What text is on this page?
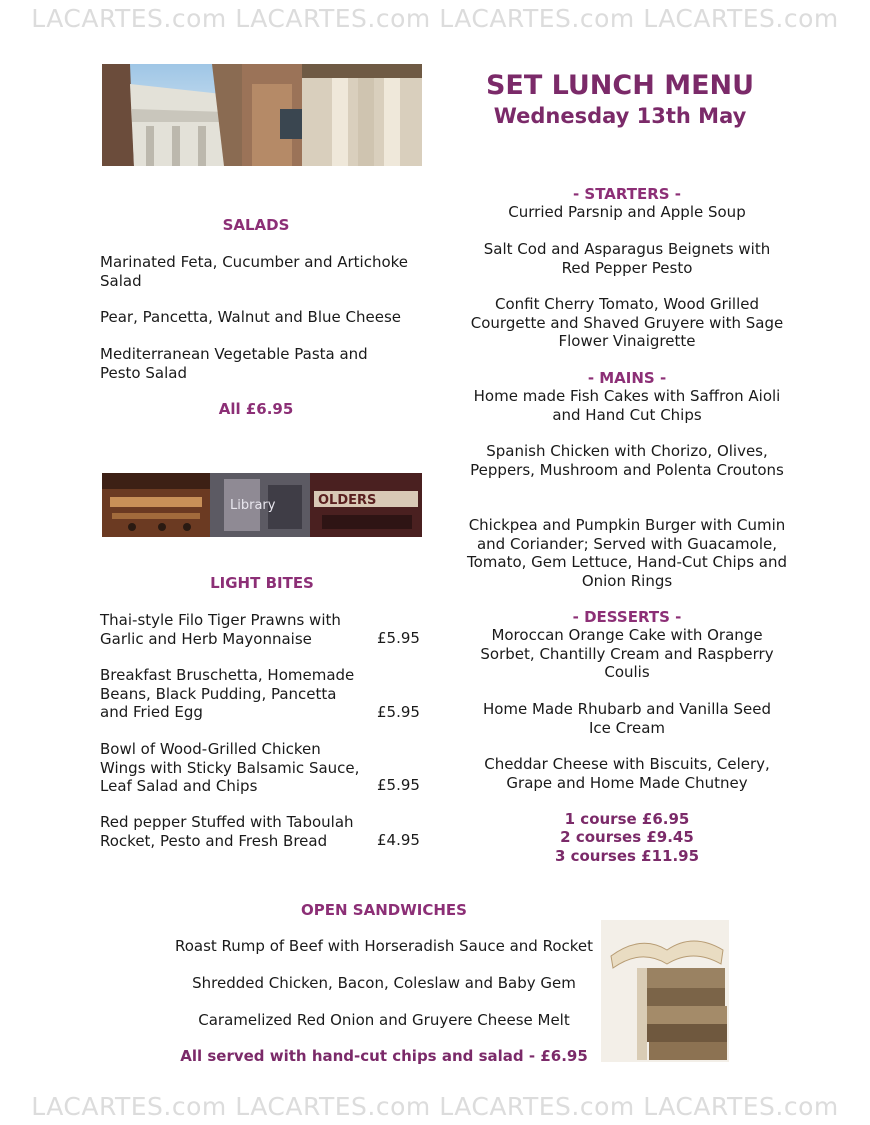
LACARTES.com LACARTES.com LACARTES.com LACARTES.com
LACARTES.com LACARTES.com LACARTES.com LACARTES.com
SET LUNCH MENU
Wednesday 13th May
SALADS
Marinated Feta, Cucumber and Artichoke Salad
Pear, Pancetta, Walnut and Blue Cheese
Mediterranean Vegetable Pasta and Pesto Salad
All £6.95
Library	OLDERS
LIGHT BITES
Thai-style Filo Tiger Prawns with Garlic and Herb Mayonnaise	£5.95
Breakfast Bruschetta, Homemade Beans, Black Pudding, Pancetta and Fried Egg	£5.95
Bowl of Wood-Grilled Chicken Wings with Sticky Balsamic Sauce, Leaf Salad and Chips	£5.95
Red pepper Stuffed with Taboulah Rocket, Pesto and Fresh Bread	£4.95
- STARTERS -
Curried Parsnip and Apple Soup
Salt Cod and Asparagus Beignets with Red Pepper Pesto
Confit Cherry Tomato, Wood Grilled Courgette and Shaved Gruyere with Sage Flower Vinaigrette
- MAINS -
Home made Fish Cakes with Saffron Aioli and Hand Cut Chips
Spanish Chicken with Chorizo, Olives, Peppers, Mushroom and Polenta Croutons
Chickpea and Pumpkin Burger with Cumin and Coriander; Served with Guacamole, Tomato, Gem Lettuce, Hand-Cut Chips and Onion Rings
- DESSERTS -
Moroccan Orange Cake with Orange Sorbet, Chantilly Cream and Raspberry Coulis
Home Made Rhubarb and Vanilla Seed Ice Cream
Cheddar Cheese with Biscuits, Celery, Grape and Home Made Chutney
1 course £6.95
2 courses £9.45
3 courses £11.95
OPEN SANDWICHES
Roast Rump of Beef with Horseradish Sauce and Rocket
Shredded Chicken, Bacon, Coleslaw and Baby Gem
Caramelized Red Onion and Gruyere Cheese Melt
All served with hand-cut chips and salad - £6.95
